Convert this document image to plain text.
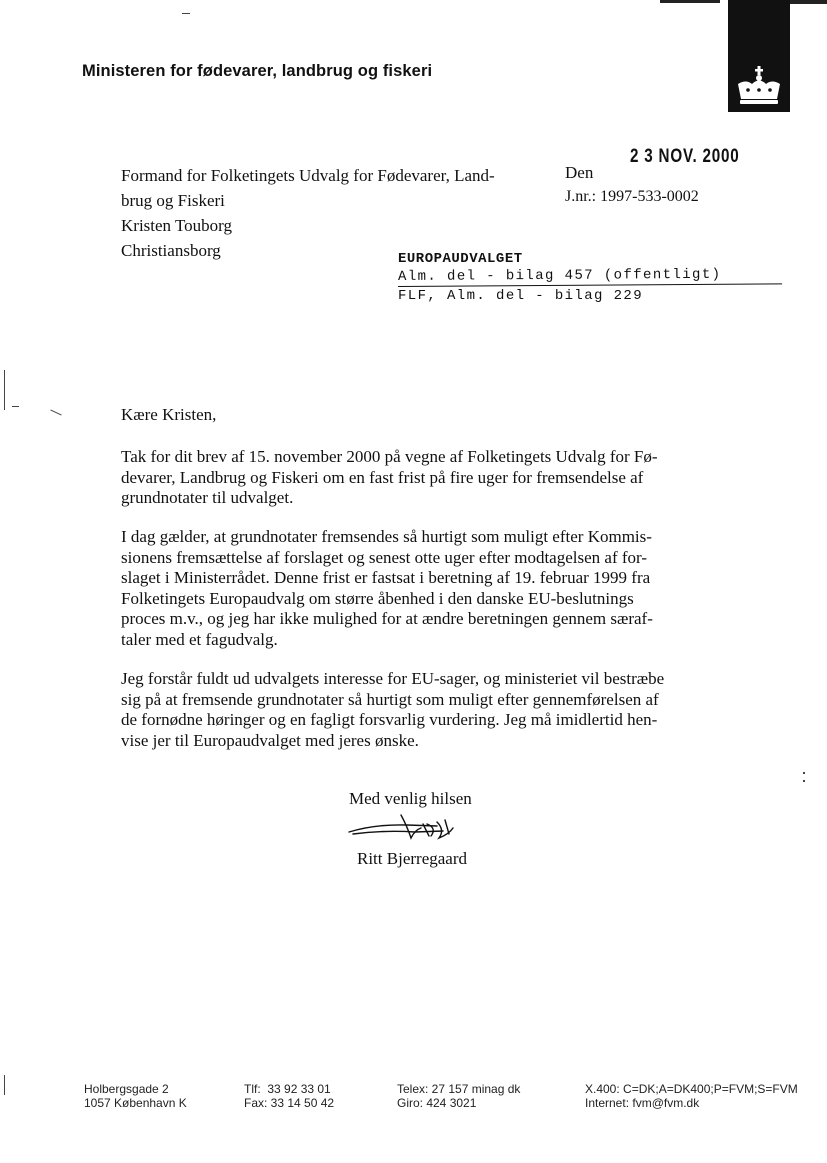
Ministeren for fødevarer, landbrug og fiskeri
Formand for Folketingets Udvalg for Fødevarer, Land-
brug og Fiskeri
Kristen Touborg
Christiansborg
2 3 NOV. 2000
Den
J.nr.: 1997-533-0002
EUROPAUDVALGET
Alm. del - bilag 457 (offentligt)
FLF, Alm. del - bilag 229
Kære Kristen,
Tak for dit brev af 15. november 2000 på vegne af Folketingets Udvalg for Fø-
devarer, Landbrug og Fiskeri om en fast frist på fire uger for fremsendelse af
grundnotater til udvalget.
I dag gælder, at grundnotater fremsendes så hurtigt som muligt efter Kommis-
sionens fremsættelse af forslaget og senest otte uger efter modtagelsen af for-
slaget i Ministerrådet. Denne frist er fastsat i beretning af 19. februar 1999 fra
Folketingets Europaudvalg om større åbenhed i den danske EU-beslutnings
proces m.v., og jeg har ikke mulighed for at ændre beretningen gennem særaf-
taler med et fagudvalg.
Jeg forstår fuldt ud udvalgets interesse for EU-sager, og ministeriet vil bestræbe
sig på at fremsende grundnotater så hurtigt som muligt efter gennemførelsen af
de fornødne høringer og en fagligt forsvarlig vurdering. Jeg må imidlertid hen-
vise jer til Europaudvalget med jeres ønske.
Med venlig hilsen
Ritt Bjerregaard
Holbergsgade 2
1057 København K
Tlf:  33 92 33 01
Fax: 33 14 50 42
Telex: 27 157 minag dk
Giro: 424 3021
X.400: C=DK;A=DK400;P=FVM;S=FVM
Internet: fvm@fvm.dk
